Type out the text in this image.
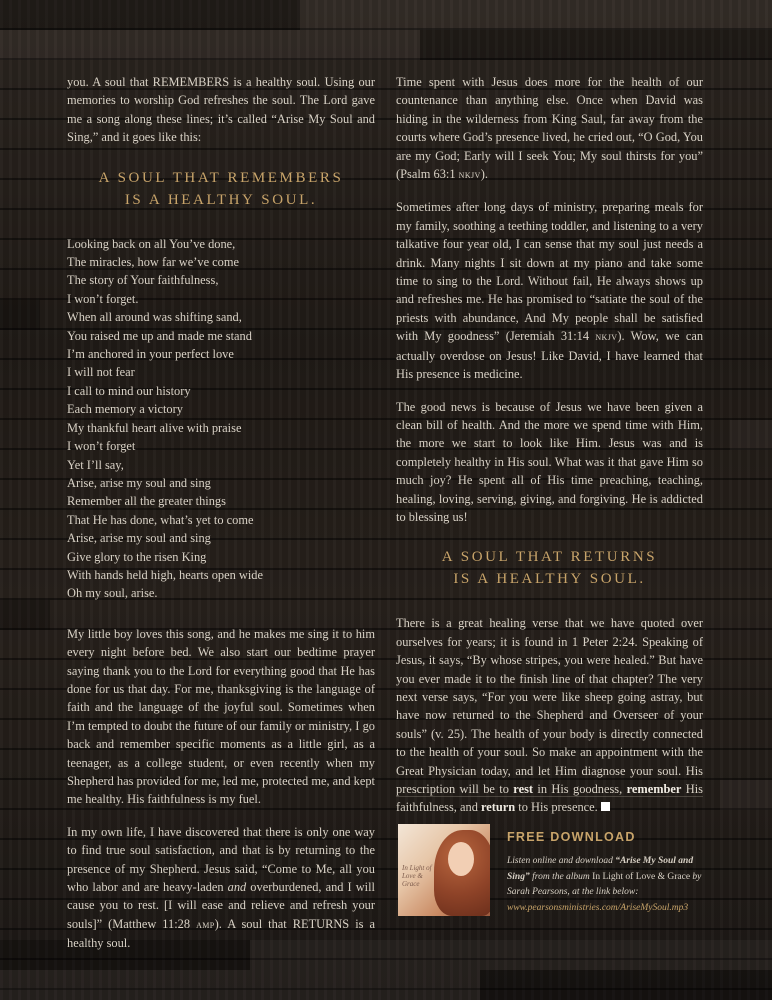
you. A soul that REMEMBERS is a healthy soul. Using our memories to worship God refreshes the soul. The Lord gave me a song along these lines; it’s called “Arise My Soul and Sing,” and it goes like this:

A SOUL THAT REMEMBERS
IS A HEALTHY SOUL.
Looking back on all You’ve done,
The miracles, how far we’ve come
The story of Your faithfulness,
I won’t forget.
When all around was shifting sand,
You raised me up and made me stand
I’m anchored in your perfect love
I will not fear
I call to mind our history
Each memory a victory
My thankful heart alive with praise
I won’t forget
Yet I’ll say,
Arise, arise my soul and sing
Remember all the greater things
That He has done, what’s yet to come
Arise, arise my soul and sing
Give glory to the risen King
With hands held high, hearts open wide
Oh my soul, arise.

My little boy loves this song, and he makes me sing it to him every night before bed. We also start our bedtime prayer saying thank you to the Lord for everything good that He has done for us that day. For me, thanksgiving is the language of faith and the language of the joyful soul. Sometimes when I’m tempted to doubt the future of our family or ministry, I go back and remember specific moments as a little girl, as a teenager, as a college student, or even recently when my Shepherd has provided for me, led me, protected me, and kept me healthy. His faithfulness is my fuel.

In my own life, I have discovered that there is only one way to find true soul satisfaction, and that is by returning to the presence of my Shepherd. Jesus said, “Come to Me, all you who labor and are heavy-laden and overburdened, and I will cause you to rest. [I will ease and relieve and refresh your souls]” (Matthew 11:28 amp). A soul that RETURNS is a healthy soul.

Time spent with Jesus does more for the health of our countenance than anything else. Once when David was hiding in the wilderness from King Saul, far away from the courts where God’s presence lived, he cried out, “O God, You are my God; Early will I seek You; My soul thirsts for you” (Psalm 63:1 nkjv).

Sometimes after long days of ministry, preparing meals for my family, soothing a teething toddler, and listening to a very talkative four year old, I can sense that my soul just needs a drink. Many nights I sit down at my piano and take some time to sing to the Lord. Without fail, He always shows up and refreshes me. He has promised to “satiate the soul of the priests with abundance, And My people shall be satisfied with My goodness” (Jeremiah 31:14 nkjv). Wow, we can actually overdose on Jesus! Like David, I have learned that His presence is medicine.

The good news is because of Jesus we have been given a clean bill of health. And the more we spend time with Him, the more we start to look like Him. Jesus was and is completely healthy in His soul. What was it that gave Him so much joy? He spent all of His time preaching, teaching, healing, loving, serving, giving, and forgiving. He is addicted to blessing us!

A SOUL THAT RETURNS
IS A HEALTHY SOUL.

There is a great healing verse that we have quoted over ourselves for years; it is found in 1 Peter 2:24. Speaking of Jesus, it says, “By whose stripes, you were healed.” But have you ever made it to the finish line of that chapter? The very next verse says, “For you were like sheep going astray, but have now returned to the Shepherd and Overseer of your souls” (v. 25). The health of your body is directly connected to the health of your soul. So make an appointment with the Great Physician today, and let Him diagnose your soul. His prescription will be to rest in His goodness, remember His faithfulness, and return to His presence.

In Light of Love & Grace
FREE DOWNLOAD
Listen online and download “Arise My Soul and Sing” from the album In Light of Love & Grace by Sarah Pearsons, at the link below:
www.pearsonsministries.com/AriseMySoul.mp3
